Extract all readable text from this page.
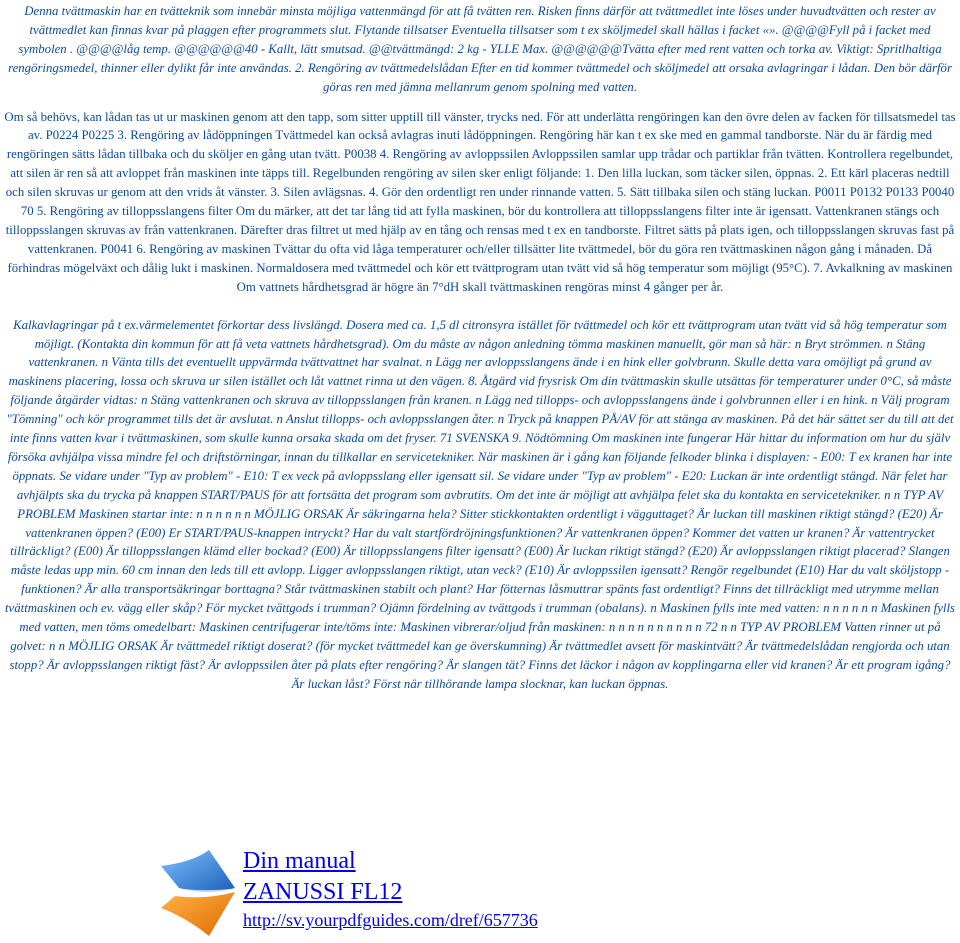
Denna tvättmaskin har en tvätteknik som innebär minsta möjliga vattenmängd för att få tvätten ren. Risken finns därför att tvättmedlet inte löses under huvudtvätten och rester av tvättmedlet kan finnas kvar på plaggen efter programmets slut. Flytande tillsatser Eventuella tillsatser som t ex sköljmedel skall hällas i facket «». @@@@Fyll på i facket med symbolen . @@@@låg temp. @@@@@@40 - Kallt, lätt smutsad. @@tvättmängd: 2 kg - YLLE Max. @@@@@@Tvätta efter med rent vatten och torka av. Viktigt: Spritlhaltiga rengöringsmedel, thinner eller dylikt får inte användas. 2. Rengöring av tvättmedelslådan Efter en tid kommer tvättmedel och sköljmedel att orsaka avlagringar i lådan. Den bör därför göras ren med jämna mellanrum genom spolning med vatten.
Om så behövs, kan lådan tas ut ur maskinen genom att den tapp, som sitter upptill till vänster, trycks ned. För att underlätta rengöringen kan den övre delen av facken för tillsatsmedel tas av. P0224 P0225 3. Rengöring av lådöppningen Tvättmedel kan också avlagras inuti lådöppningen. Rengöring här kan t ex ske med en gammal tandborste. När du är färdig med rengöringen sätts lådan tillbaka och du sköljer en gång utan tvätt. P0038 4. Rengöring av avloppssilen Avloppssilen samlar upp trådar och partiklar från tvätten. Kontrollera regelbundet, att silen är ren så att avloppet från maskinen inte täpps till. Regelbunden rengöring av silen sker enligt följande: 1. Den lilla luckan, som täcker silen, öppnas. 2. Ett kärl placeras nedtill och silen skruvas ur genom att den vrids åt vänster. 3. Silen avlägsnas. 4. Gör den ordentligt ren under rinnande vatten. 5. Sätt tillbaka silen och stäng luckan. P0011 P0132 P0133 P0040 70 5. Rengöring av tilloppsslangens filter Om du märker, att det tar lång tid att fylla maskinen, bör du kontrollera att tilloppsslangens filter inte är igensatt. Vattenkranen stängs och tilloppsslangen skruvas av från vattenkranen. Därefter dras filtret ut med hjälp av en tång och rensas med t ex en tandborste. Filtret sätts på plats igen, och tilloppsslangen skruvas fast på vattenkranen. P0041 6. Rengöring av maskinen Tvättar du ofta vid låga temperaturer och/eller tillsätter lite tvättmedel, bör du göra ren tvättmaskinen någon gång i månaden. Då förhindras mögelväxt och dålig lukt i maskinen. Normaldosera med tvättmedel och kör ett tvättprogram utan tvätt vid så hög temperatur som möjligt (95°C). 7. Avkalkning av maskinen Om vattnets hårdhetsgrad är högre än 7°dH skall tvättmaskinen rengöras minst 4 gånger per år.
Kalkavlagringar på t ex.värmelementet förkortar dess livslängd. Dosera med ca. 1,5 dl citronsyra istället för tvättmedel och kör ett tvättprogram utan tvätt vid så hög temperatur som möjligt. (Kontakta din kommun för att få veta vattnets hårdhetsgrad). Om du måste av någon anledning tömma maskinen manuellt, gör man så här: n Bryt strömmen. n Stäng vattenkranen. n Vänta tills det eventuellt uppvärmda tvättvattnet har svalnat. n Lägg ner avloppsslangens ände i en hink eller golvbrunn. Skulle detta vara omöjligt på grund av maskinens placering, lossa och skruva ur silen istället och låt vattnet rinna ut den vägen. 8. Åtgärd vid frysrisk Om din tvättmaskin skulle utsättas för temperaturer under 0°C, så måste följande åtgärder vidtas: n Stäng vattenkranen och skruva av tilloppsslangen från kranen. n Lägg ned tillopps- och avloppsslangens ände i golvbrunnen eller i en hink. n Välj program "Tömning" och kör programmet tills det är avslutat. n Anslut tillopps- och avloppsslangen åter. n Tryck på knappen PÅ/AV för att stänga av maskinen. På det här sättet ser du till att det inte finns vatten kvar i tvättmaskinen, som skulle kunna orsaka skada om det fryser. 71 SVENSKA 9. Nödtömning Om maskinen inte fungerar Här hittar du information om hur du själv försöka avhjälpa vissa mindre fel och driftstörningar, innan du tillkallar en servicetekniker. När maskinen är i gång kan följande felkoder blinka i displayen: - E00: T ex kranen har inte öppnats. Se vidare under "Typ av problem" - E10: T ex veck på avloppsslang eller igensatt sil. Se vidare under "Typ av problem" - E20: Luckan är inte ordentligt stängd. När felet har avhjälpts ska du trycka på knappen START/PAUS för att fortsätta det program som avbrutits. Om det inte är möjligt att avhjälpa felet ska du kontakta en servicetekniker. n n TYP AV PROBLEM Maskinen startar inte: n n n n n n MÖJLIG ORSAK Är säkringarna hela? Sitter stickkontakten ordentligt i vägguttaget? Är luckan till maskinen riktigt stängd? (E20) Är vattenkranen öppen? (E00) Er START/PAUS-knappen intryckt? Har du valt startfördröjningsfunktionen? Är vattenkranen öppen? Kommer det vatten ur kranen? Är vattentrycket tillräckligt? (E00) Är tilloppsslangen klämd eller bockad? (E00) Är tilloppsslangens filter igensatt? (E00) Är luckan riktigt stängd? (E20) Är avloppsslangen riktigt placerad? Slangen måste ledas upp min. 60 cm innan den leds till ett avlopp. Ligger avloppsslangen riktigt, utan veck? (E10) Är avloppssilen igensatt? Rengör regelbundet (E10) Har du valt sköljstopp - funktionen? Är alla transportsäkringar borttagna? Står tvättmaskinen stabilt och plant? Har fötternas låsmuttrar spänts fast ordentligt? Finns det tillräckligt med utrymme mellan tvättmaskinen och ev. vägg eller skåp? För mycket tvättgods i trumman? Ojämn fördelning av tvättgods i trumman (obalans). n Maskinen fylls inte med vatten: n n n n n n Maskinen fylls med vatten, men töms omedelbart: Maskinen centrifugerar inte/töms inte: Maskinen vibrerar/oljud från maskinen: n n n n n n n n n n 72 n n TYP AV PROBLEM Vatten rinner ut på golvet: n n MÖJLIG ORSAK Är tvättmedel riktigt doserat? (för mycket tvättmedel kan ge överskumning) Är tvättmedlet avsett för maskintvätt? Är tvättmedelslådan rengjorda och utan stopp? Är avloppsslangen riktigt fäst? Är avloppssilen åter på plats efter rengöring? Är slangen tät? Finns det läckor i någon av kopplingarna eller vid kranen? Är ett program igång? Är luckan låst? Först när tillhörande lampa slocknar, kan luckan öppnas.
Din manual
ZANUSSI FL12
http://sv.yourpdfguides.com/dref/657736
